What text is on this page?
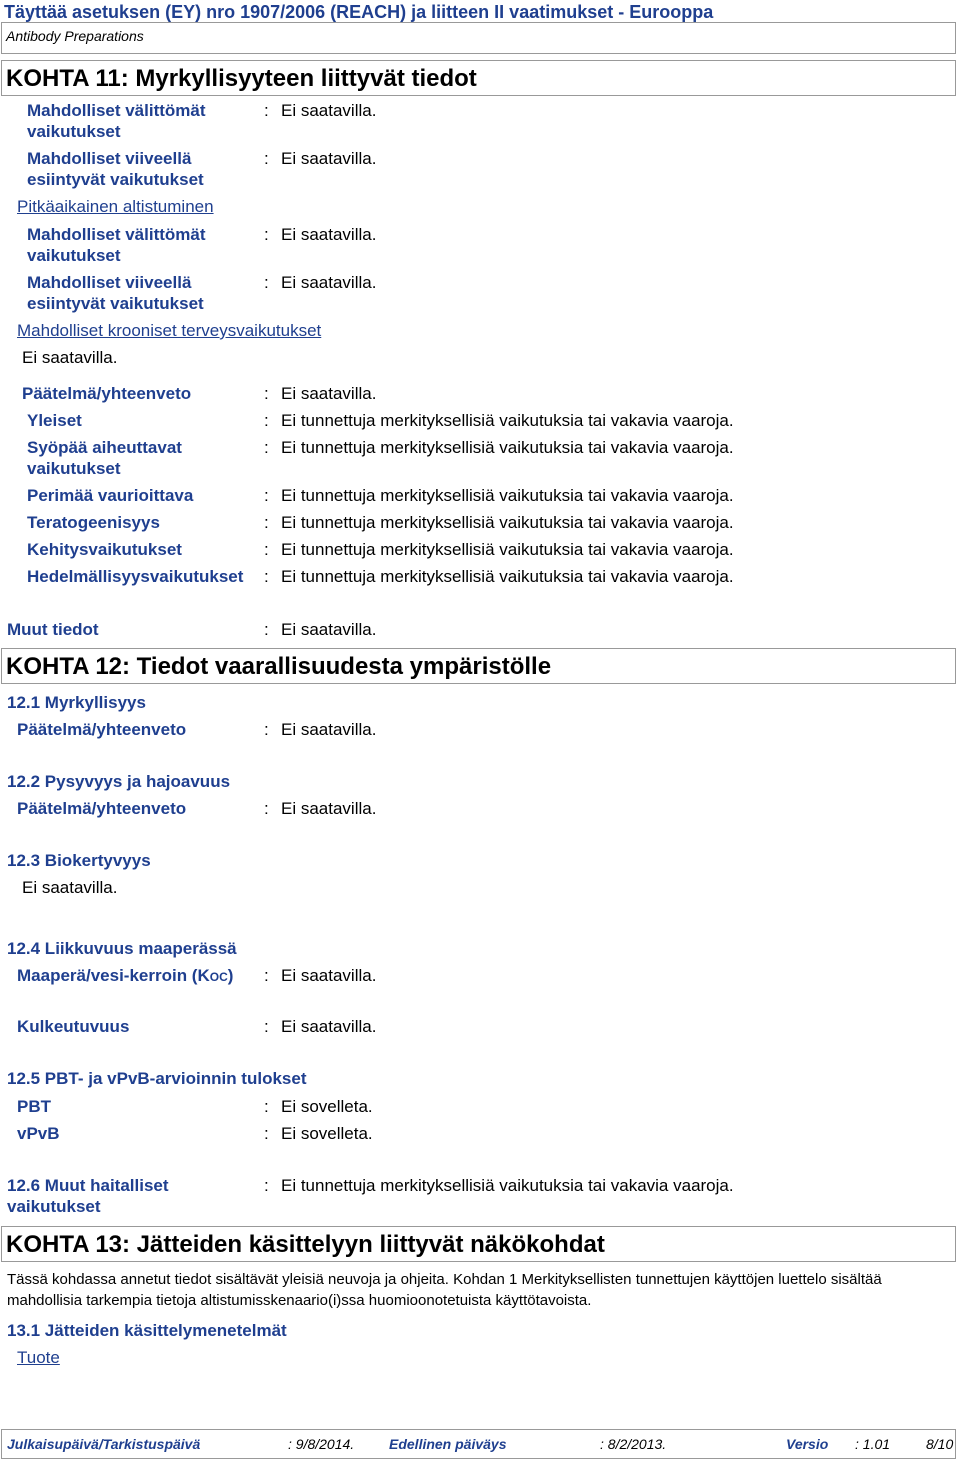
Täyttää asetuksen (EY) nro 1907/2006 (REACH) ja liitteen II vaatimukset - Eurooppa
Antibody Preparations
KOHTA 11: Myrkyllisyyteen liittyvät tiedot
Mahdolliset välittömät vaikutukset
: Ei saatavilla.
Mahdolliset viiveellä esiintyvät vaikutukset
: Ei saatavilla.
Pitkäaikainen altistuminen
Mahdolliset välittömät vaikutukset
: Ei saatavilla.
Mahdolliset viiveellä esiintyvät vaikutukset
: Ei saatavilla.
Mahdolliset krooniset terveysvaikutukset
Ei saatavilla.
Päätelmä/yhteenveto	: Ei saatavilla.
Yleiset	: Ei tunnettuja merkityksellisiä vaikutuksia tai vakavia vaaroja.
Syöpää aiheuttavat vaikutukset
: Ei tunnettuja merkityksellisiä vaikutuksia tai vakavia vaaroja.
Perimää vaurioittava	: Ei tunnettuja merkityksellisiä vaikutuksia tai vakavia vaaroja.
Teratogeenisyys	: Ei tunnettuja merkityksellisiä vaikutuksia tai vakavia vaaroja.
Kehitysvaikutukset	: Ei tunnettuja merkityksellisiä vaikutuksia tai vakavia vaaroja.
Hedelmällisyysvaikutukset : Ei tunnettuja merkityksellisiä vaikutuksia tai vakavia vaaroja.
Muut tiedot	: Ei saatavilla.
KOHTA 12: Tiedot vaarallisuudesta ympäristölle
12.1 Myrkyllisyys
Päätelmä/yhteenveto	: Ei saatavilla.
12.2 Pysyvyys ja hajoavuus
Päätelmä/yhteenveto	: Ei saatavilla.
12.3 Biokertyvyys
Ei saatavilla.
12.4 Liikkuvuus maaperässä
Maaperä/vesi-kerroin (KOC) : Ei saatavilla.
Kulkeutuvuus	: Ei saatavilla.
12.5 PBT- ja vPvB-arvioinnin tulokset
PBT	: Ei sovelleta.
vPvB	: Ei sovelleta.
12.6 Muut haitalliset vaikutukset
: Ei tunnettuja merkityksellisiä vaikutuksia tai vakavia vaaroja.
KOHTA 13: Jätteiden käsittelyyn liittyvät näkökohdat
Tässä kohdassa annetut tiedot sisältävät yleisiä neuvoja ja ohjeita. Kohdan 1 Merkityksellisten tunnettujen käyttöjen luettelo sisältää mahdollisia tarkempia tietoja altistumisskenaario(i)ssa huomioonotetuista käyttötavoista.
13.1 Jätteiden käsittelymenetelmät
Tuote
Julkaisupäivä/Tarkistuspäivä	: 9/8/2014. Edellinen päiväys	: 8/2/2013.	Versio : 1.01	8/10
